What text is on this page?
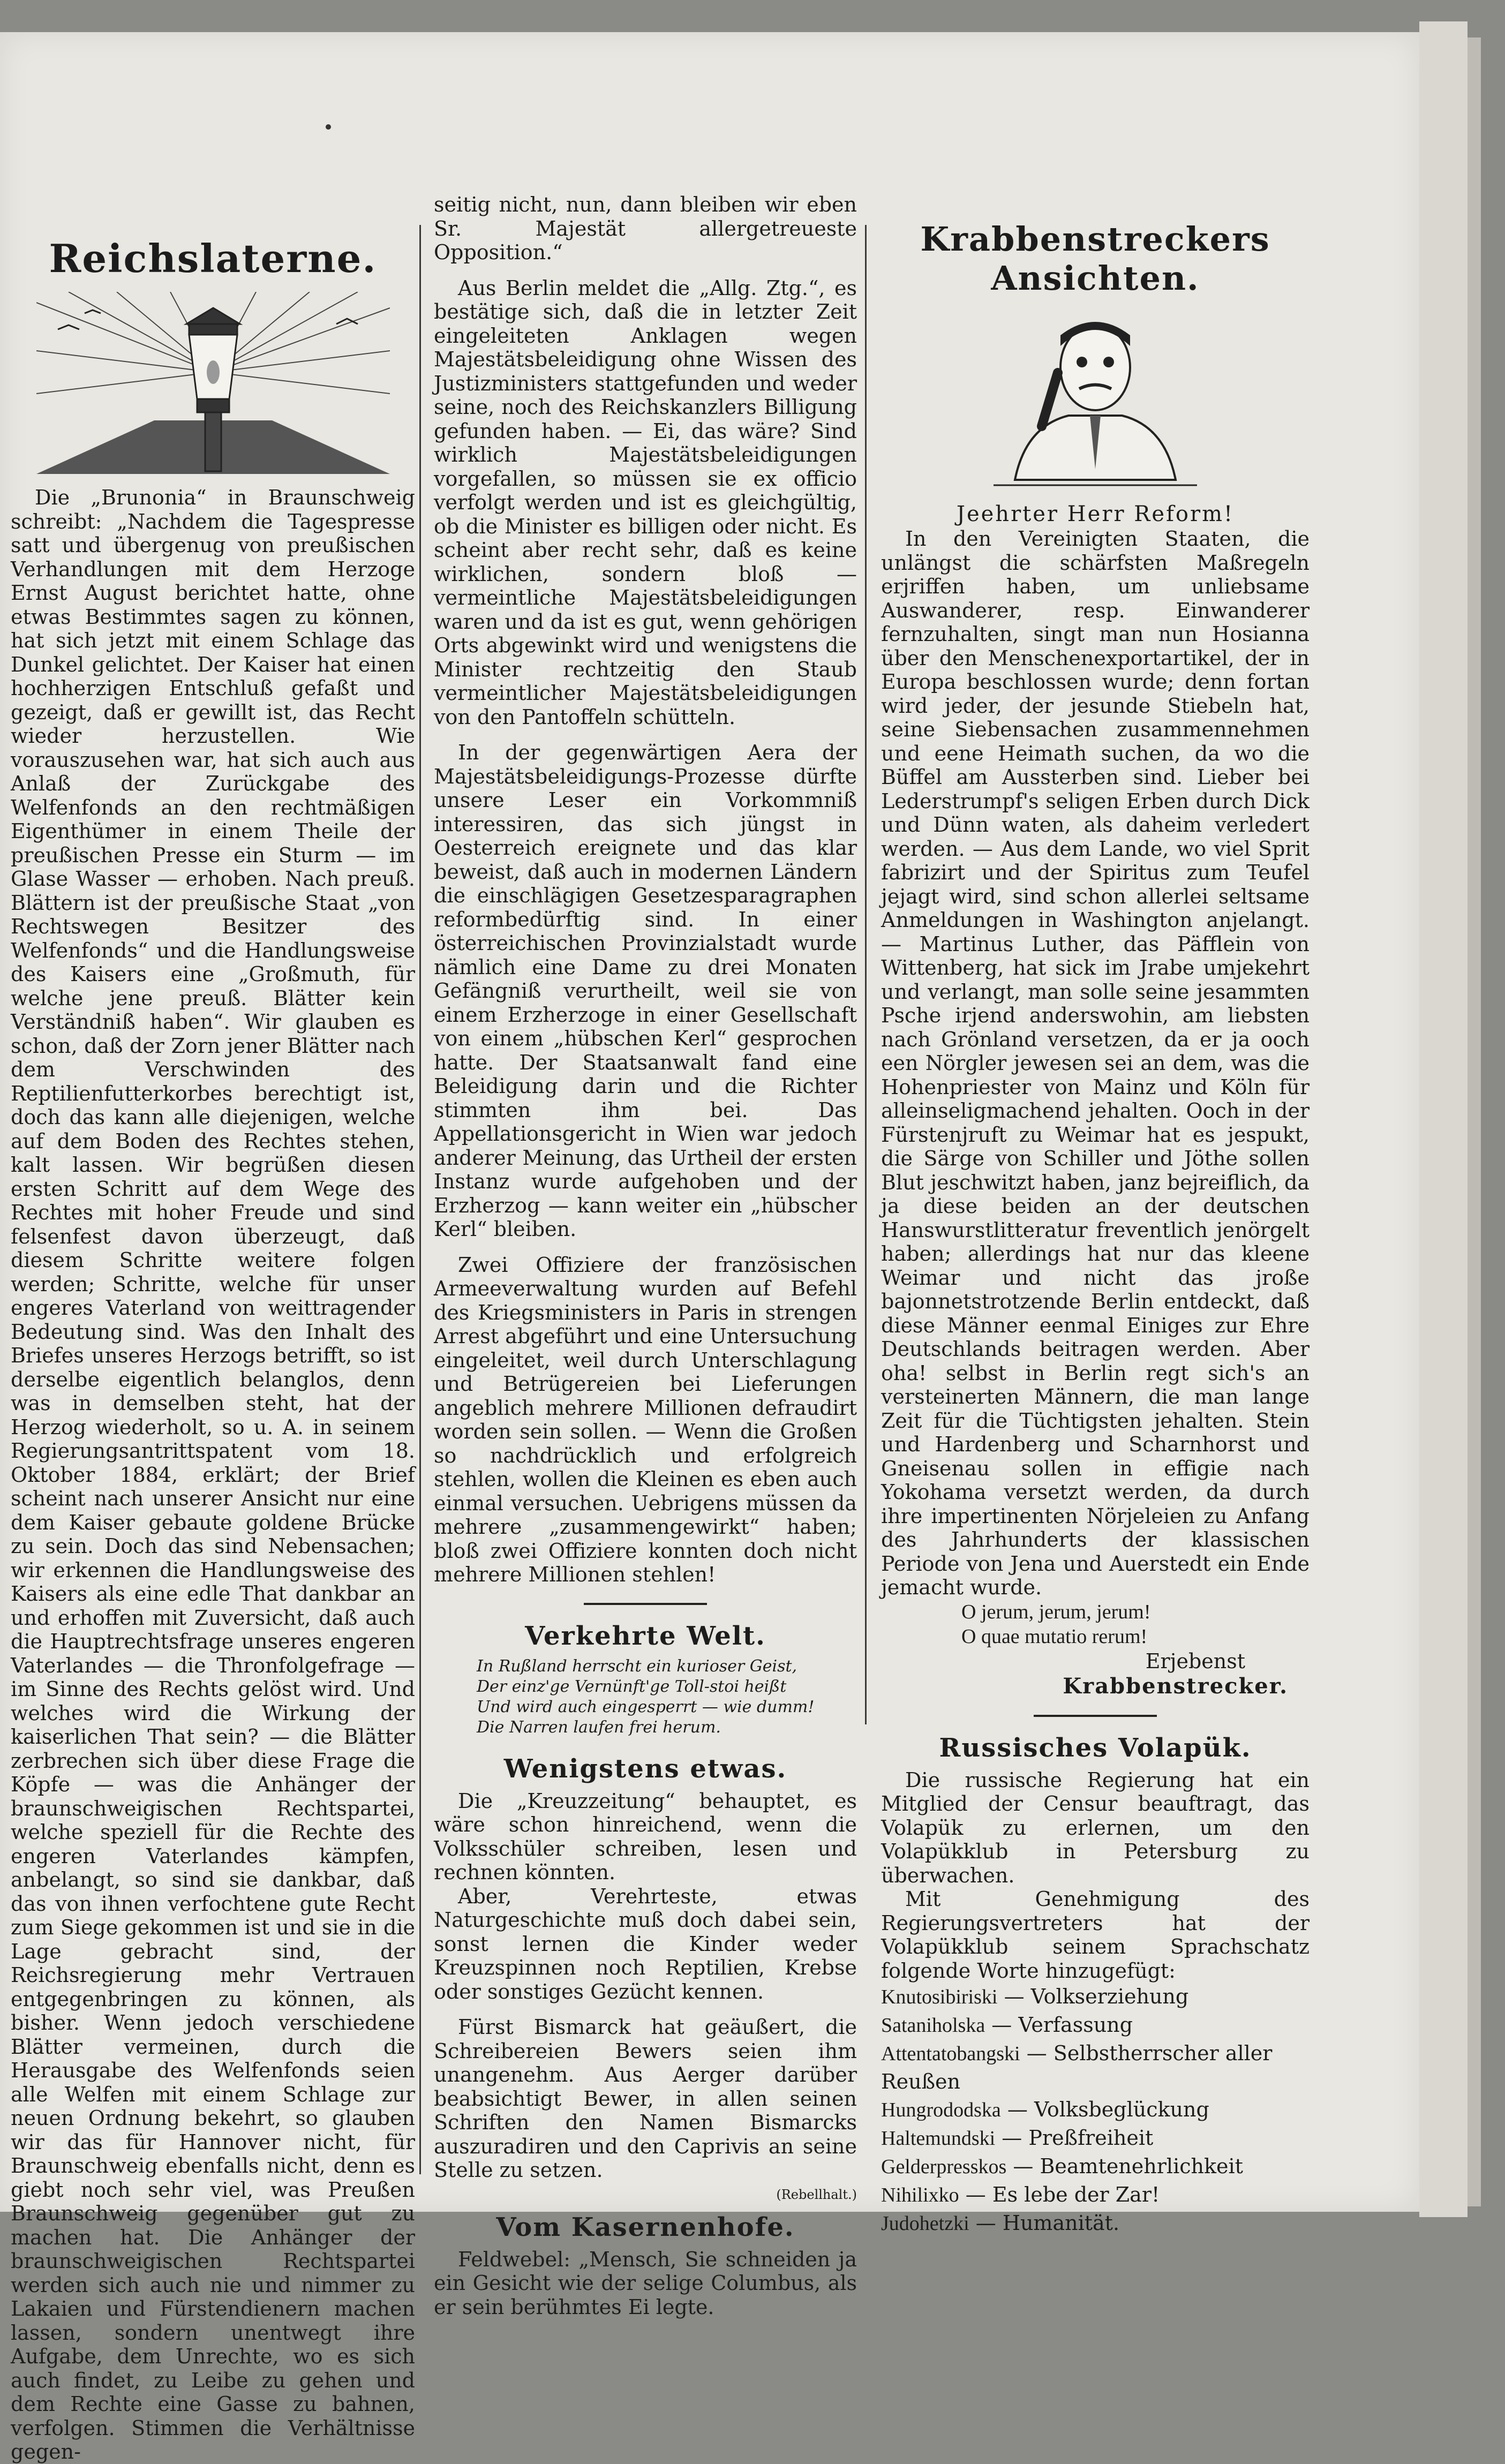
Reichslaterne.

Die „Brunonia“ in Braunschweig schreibt: „Nachdem die Tagespresse satt und übergenug von preußischen Verhandlungen mit dem Herzoge Ernst August berichtet hatte, ohne etwas Bestimmtes sagen zu können, hat sich jetzt mit einem Schlage das Dunkel gelichtet. Der Kaiser hat einen hochherzigen Entschluß gefaßt und gezeigt, daß er gewillt ist, das Recht wieder herzustellen. Wie vorauszusehen war, hat sich auch aus Anlaß der Zurückgabe des Welfenfonds an den rechtmäßigen Eigenthümer in einem Theile der preußischen Presse ein Sturm — im Glase Wasser — erhoben. Nach preuß. Blättern ist der preußische Staat „von Rechtswegen Besitzer des Welfenfonds“ und die Handlungsweise des Kaisers eine „Großmuth, für welche jene preuß. Blätter kein Verständniß haben“. Wir glauben es schon, daß der Zorn jener Blätter nach dem Verschwinden des Reptilienfutterkorbes berechtigt ist, doch das kann alle diejenigen, welche auf dem Boden des Rechtes stehen, kalt lassen. Wir begrüßen diesen ersten Schritt auf dem Wege des Rechtes mit hoher Freude und sind felsenfest davon überzeugt, daß diesem Schritte weitere folgen werden; Schritte, welche für unser engeres Vaterland von weittragender Bedeutung sind. Was den Inhalt des Briefes unseres Herzogs betrifft, so ist derselbe eigentlich belanglos, denn was in demselben steht, hat der Herzog wiederholt, so u. A. in seinem Regierungsantrittspatent vom 18. Oktober 1884, erklärt; der Brief scheint nach unserer Ansicht nur eine dem Kaiser gebaute goldene Brücke zu sein. Doch das sind Nebensachen; wir erkennen die Handlungsweise des Kaisers als eine edle That dankbar an und erhoffen mit Zuversicht, daß auch die Hauptrechtsfrage unseres engeren Vaterlandes — die Thronfolgefrage — im Sinne des Rechts gelöst wird. Und welches wird die Wirkung der kaiserlichen That sein? — die Blätter zerbrechen sich über diese Frage die Köpfe — was die Anhänger der braunschweigischen Rechtspartei, welche speziell für die Rechte des engeren Vaterlandes kämpfen, anbelangt, so sind sie dankbar, daß das von ihnen verfochtene gute Recht zum Siege gekommen ist und sie in die Lage gebracht sind, der Reichsregierung mehr Vertrauen entgegenbringen zu können, als bisher. Wenn jedoch verschiedene Blätter vermeinen, durch die Herausgabe des Welfenfonds seien alle Welfen mit einem Schlage zur neuen Ordnung bekehrt, so glauben wir das für Hannover nicht, für Braunschweig ebenfalls nicht, denn es giebt noch sehr viel, was Preußen Braunschweig gegenüber gut zu machen hat. Die Anhänger der braunschweigischen Rechtspartei werden sich auch nie und nimmer zu Lakaien und Fürstendienern machen lassen, sondern unentwegt ihre Aufgabe, dem Unrechte, wo es sich auch findet, zu Leibe zu gehen und dem Rechte eine Gasse zu bahnen, verfolgen. Stimmen die Verhältnisse gegen-

seitig nicht, nun, dann bleiben wir eben Sr. Majestät allergetreueste Opposition.“

Aus Berlin meldet die „Allg. Ztg.“, es bestätige sich, daß die in letzter Zeit eingeleiteten Anklagen wegen Majestätsbeleidigung ohne Wissen des Justizministers stattgefunden und weder seine, noch des Reichskanzlers Billigung gefunden haben. — Ei, das wäre? Sind wirklich Majestätsbeleidigungen vorgefallen, so müssen sie ex officio verfolgt werden und ist es gleichgültig, ob die Minister es billigen oder nicht. Es scheint aber recht sehr, daß es keine wirklichen, sondern bloß — vermeintliche Majestätsbeleidigungen waren und da ist es gut, wenn gehörigen Orts abgewinkt wird und wenigstens die Minister rechtzeitig den Staub vermeintlicher Majestätsbeleidigungen von den Pantoffeln schütteln.

In der gegenwärtigen Aera der Majestätsbeleidigungs-Prozesse dürfte unsere Leser ein Vorkommniß interessiren, das sich jüngst in Oesterreich ereignete und das klar beweist, daß auch in modernen Ländern die einschlägigen Gesetzesparagraphen reformbedürftig sind. In einer österreichischen Provinzialstadt wurde nämlich eine Dame zu drei Monaten Gefängniß verurtheilt, weil sie von einem Erzherzoge in einer Gesellschaft von einem „hübschen Kerl“ gesprochen hatte. Der Staatsanwalt fand eine Beleidigung darin und die Richter stimmten ihm bei. Das Appellationsgericht in Wien war jedoch anderer Meinung, das Urtheil der ersten Instanz wurde aufgehoben und der Erzherzog — kann weiter ein „hübscher Kerl“ bleiben.

Zwei Offiziere der französischen Armeeverwaltung wurden auf Befehl des Kriegsministers in Paris in strengen Arrest abgeführt und eine Untersuchung eingeleitet, weil durch Unterschlagung und Betrügereien bei Lieferungen angeblich mehrere Millionen defraudirt worden sein sollen. — Wenn die Großen so nachdrücklich und erfolgreich stehlen, wollen die Kleinen es eben auch einmal versuchen. Uebrigens müssen da mehrere „zusammengewirkt“ haben; bloß zwei Offiziere konnten doch nicht mehrere Millionen stehlen!

Verkehrte Welt.
In Rußland herrscht ein kurioser Geist,
Der einz'ge Vernünft'ge Toll-stoi heißt
Und wird auch eingesperrt — wie dumm!
Die Narren laufen frei herum.
Wenigstens etwas.

Die „Kreuzzeitung“ behauptet, es wäre schon hinreichend, wenn die Volksschüler schreiben, lesen und rechnen könnten.

Aber, Verehrteste, etwas Naturgeschichte muß doch dabei sein, sonst lernen die Kinder weder Kreuzspinnen noch Reptilien, Krebse oder sonstiges Gezücht kennen.

Fürst Bismarck hat geäußert, die Schreibereien Bewers seien ihm unangenehm. Aus Aerger darüber beabsichtigt Bewer, in allen seinen Schriften den Namen Bismarcks auszuradiren und den Caprivis an seine Stelle zu setzen.

(Rebellhalt.)
Vom Kasernenhofe.

Feldwebel: „Mensch, Sie schneiden ja ein Gesicht wie der selige Columbus, als er sein berühmtes Ei legte.

Krabbenstreckers Ansichten.
Jeehrter Herr Reform!

In den Vereinigten Staaten, die unlängst die schärfsten Maßregeln erjriffen haben, um unliebsame Auswanderer, resp. Einwanderer fernzuhalten, singt man nun Hosianna über den Menschenexportartikel, der in Europa beschlossen wurde; denn fortan wird jeder, der jesunde Stiebeln hat, seine Siebensachen zusammennehmen und eene Heimath suchen, da wo die Büffel am Aussterben sind. Lieber bei Lederstrumpf's seligen Erben durch Dick und Dünn waten, als daheim verledert werden. — Aus dem Lande, wo viel Sprit fabrizirt und der Spiritus zum Teufel jejagt wird, sind schon allerlei seltsame Anmeldungen in Washington anjelangt. — Martinus Luther, das Päfflein von Wittenberg, hat sick im Jrabe umjekehrt und verlangt, man solle seine jesammten Psche irjend anderswohin, am liebsten nach Grönland versetzen, da er ja ooch een Nörgler jewesen sei an dem, was die Hohenpriester von Mainz und Köln für alleinseligmachend jehalten. Ooch in der Fürstenjruft zu Weimar hat es jespukt, die Särge von Schiller und Jöthe sollen Blut jeschwitzt haben, janz bejreiflich, da ja diese beiden an der deutschen Hanswurstlitteratur freventlich jenörgelt haben; allerdings hat nur das kleene Weimar und nicht das jroße bajonnetstrotzende Berlin entdeckt, daß diese Männer eenmal Einiges zur Ehre Deutschlands beitragen werden. Aber oha! selbst in Berlin regt sich's an versteinerten Männern, die man lange Zeit für die Tüchtigsten jehalten. Stein und Hardenberg und Scharnhorst und Gneisenau sollen in effigie nach Yokohama versetzt werden, da durch ihre impertinenten Nörjeleien zu Anfang des Jahrhunderts der klassischen Periode von Jena und Auerstedt ein Ende jemacht wurde.

O jerum, jerum, jerum!
O quae mutatio rerum!
Erjebenst
Krabbenstrecker.
Russisches Volapük.

Die russische Regierung hat ein Mitglied der Censur beauftragt, das Volapük zu erlernen, um den Volapükklub in Petersburg zu überwachen.

Mit Genehmigung des Regierungsvertreters hat der Volapükklub seinem Sprachschatz folgende Worte hinzugefügt:

Knutosibiriski — Volkserziehung
Sataniholska — Verfassung
Attentatobangski — Selbstherrscher aller Reußen
Hungrododska — Volksbeglückung
Haltemundski — Preßfreiheit
Gelderpresskos — Beamtenehrlichkeit
Nihilixko — Es lebe der Zar!
Judohetzki — Humanität.
